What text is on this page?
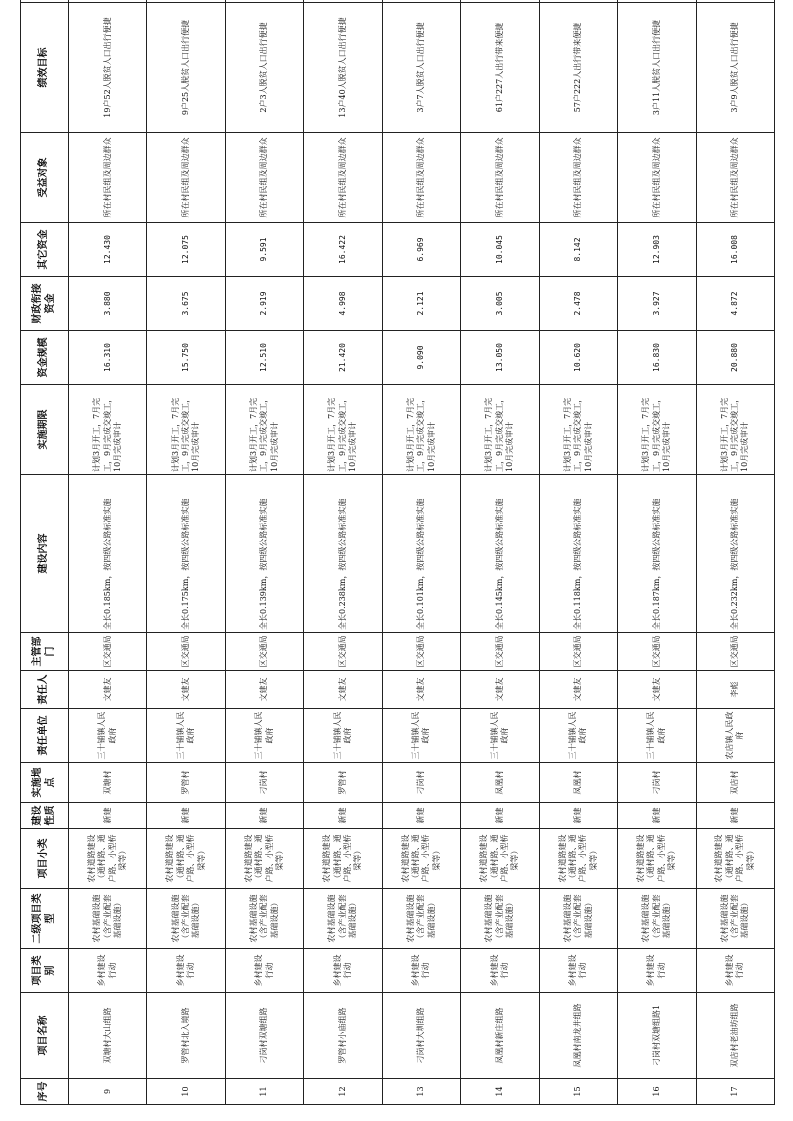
序号	项目名称	项目类别	二级项目类型	项目小类	建设性质	实施地点	责任单位	责任人	主管部门	建设内容	实施期限	资金规模	财政衔接资金	其它资金	受益对象	绩效目标	
9	双塘村大山组路	乡村建设行动	农村基础设施（含产业配套基础设施）	农村道路建设（通村路、通户路、小型桥梁等）	新建	双塘村	三十铺镇人民政府	文建友	区交通局	全长0.185km，按四级公路标准实施	计划3月开工，7月完工，9月完成交竣工，10月完成审计	16.310	3.880	12.430	所在村民组及周边群众	19户52人脱贫人口出行便捷	
10	罗管村北入境路	乡村建设行动	农村基础设施（含产业配套基础设施）	农村道路建设（通村路、通户路、小型桥梁等）	新建	罗管村	三十铺镇人民政府	文建友	区交通局	全长0.175km，按四级公路标准实施	计划3月开工，7月完工，9月完成交竣工，10月完成审计	15.750	3.675	12.075	所在村民组及周边群众	9户25人脱贫人口出行便捷	
11	刁岗村双塘组路	乡村建设行动	农村基础设施（含产业配套基础设施）	农村道路建设（通村路、通户路、小型桥梁等）	新建	刁岗村	三十铺镇人民政府	文建友	区交通局	全长0.139km，按四级公路标准实施	计划3月开工，7月完工，9月完成交竣工，10月完成审计	12.510	2.919	9.591	所在村民组及周边群众	2户3人脱贫人口出行便捷	
12	罗管村小庙组路	乡村建设行动	农村基础设施（含产业配套基础设施）	农村道路建设（通村路、通户路、小型桥梁等）	新建	罗管村	三十铺镇人民政府	文建友	区交通局	全长0.238km，按四级公路标准实施	计划3月开工，7月完工，9月完成交竣工，10月完成审计	21.420	4.998	16.422	所在村民组及周边群众	13户40人脱贫人口出行便捷	
13	刁岗村大圳组路	乡村建设行动	农村基础设施（含产业配套基础设施）	农村道路建设（通村路、通户路、小型桥梁等）	新建	刁岗村	三十铺镇人民政府	文建友	区交通局	全长0.101km，按四级公路标准实施	计划3月开工，7月完工，9月完成交竣工，10月完成审计	9.090	2.121	6.969	所在村民组及周边群众	3户7人脱贫人口出行便捷	
14	凤凰村新庄组路	乡村建设行动	农村基础设施（含产业配套基础设施）	农村道路建设（通村路、通户路、小型桥梁等）	新建	凤凰村	三十铺镇人民政府	文建友	区交通局	全长0.145km，按四级公路标准实施	计划3月开工，7月完工，9月完成交竣工，10月完成审计	13.050	3.005	10.045	所在村民组及周边群众	61户227人出行带来便捷	
15	凤凰村南龙井组路	乡村建设行动	农村基础设施（含产业配套基础设施）	农村道路建设（通村路、通户路、小型桥梁等）	新建	凤凰村	三十铺镇人民政府	文建友	区交通局	全长0.118km，按四级公路标准实施	计划3月开工，7月完工，9月完成交竣工，10月完成审计	10.620	2.478	8.142	所在村民组及周边群众	57户222人出行带来便捷	
16	刁岗村双塘组路1	乡村建设行动	农村基础设施（含产业配套基础设施）	农村道路建设（通村路、通户路、小型桥梁等）	新建	刁岗村	三十铺镇人民政府	文建友	区交通局	全长0.187km，按四级公路标准实施	计划3月开工，7月完工，9月完成交竣工，10月完成审计	16.830	3.927	12.903	所在村民组及周边群众	3户11人脱贫人口出行便捷	
17	双店村老油坊组路	乡村建设行动	农村基础设施（含产业配套基础设施）	农村道路建设（通村路、通户路、小型桥梁等）	新建	双店村	农店镇人民政府	李彪	区交通局	全长0.232km，按四级公路标准实施	计划3月开工，7月完工，9月完成交竣工，10月完成审计	20.880	4.872	16.008	所在村民组及周边群众	3户9人脱贫人口出行便捷	
